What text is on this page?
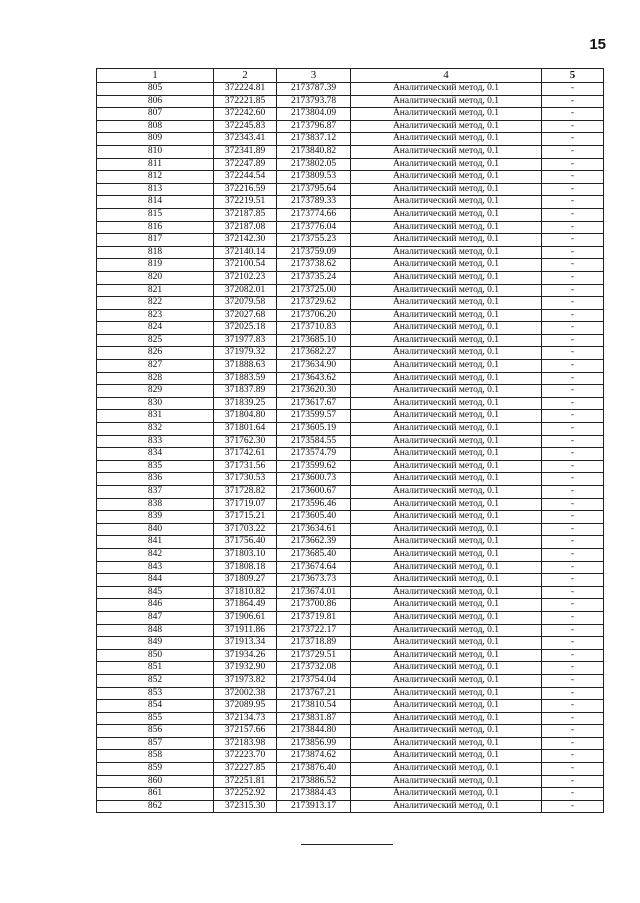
15
1	2	3	4	5
805	372224.81	2173787.39	Аналитический метод, 0.1	-
806	372221.85	2173793.78	Аналитический метод, 0.1	-
807	372242.60	2173804.09	Аналитический метод, 0.1	-
808	372245.83	2173796.87	Аналитический метод, 0.1	-
809	372343.41	2173837.12	Аналитический метод, 0.1	-
810	372341.89	2173840.82	Аналитический метод, 0.1	-
811	372247.89	2173802.05	Аналитический метод, 0.1	-
812	372244.54	2173809.53	Аналитический метод, 0.1	-
813	372216.59	2173795.64	Аналитический метод, 0.1	-
814	372219.51	2173789.33	Аналитический метод, 0.1	-
815	372187.85	2173774.66	Аналитический метод, 0.1	-
816	372187.08	2173776.04	Аналитический метод, 0.1	-
817	372142.30	2173755.23	Аналитический метод, 0.1	-
818	372140.14	2173759.09	Аналитический метод, 0.1	-
819	372100.54	2173738.62	Аналитический метод, 0.1	-
820	372102.23	2173735.24	Аналитический метод, 0.1	-
821	372082.01	2173725.00	Аналитический метод, 0.1	-
822	372079.58	2173729.62	Аналитический метод, 0.1	-
823	372027.68	2173706.20	Аналитический метод, 0.1	-
824	372025.18	2173710.83	Аналитический метод, 0.1	-
825	371977.83	2173685.10	Аналитический метод, 0.1	-
826	371979.32	2173682.27	Аналитический метод, 0.1	-
827	371888.63	2173634.90	Аналитический метод, 0.1	-
828	371883.59	2173643.62	Аналитический метод, 0.1	-
829	371837.89	2173620.30	Аналитический метод, 0.1	-
830	371839.25	2173617.67	Аналитический метод, 0.1	-
831	371804.80	2173599.57	Аналитический метод, 0.1	-
832	371801.64	2173605.19	Аналитический метод, 0.1	-
833	371762.30	2173584.55	Аналитический метод, 0.1	-
834	371742.61	2173574.79	Аналитический метод, 0.1	-
835	371731.56	2173599.62	Аналитический метод, 0.1	-
836	371730.53	2173600.73	Аналитический метод, 0.1	-
837	371728.82	2173600.67	Аналитический метод, 0.1	-
838	371719.07	2173596.46	Аналитический метод, 0.1	-
839	371715.21	2173605.40	Аналитический метод, 0.1	-
840	371703.22	2173634.61	Аналитический метод, 0.1	-
841	371756.40	2173662.39	Аналитический метод, 0.1	-
842	371803.10	2173685.40	Аналитический метод, 0.1	-
843	371808.18	2173674.64	Аналитический метод, 0.1	-
844	371809.27	2173673.73	Аналитический метод, 0.1	-
845	371810.82	2173674.01	Аналитический метод, 0.1	-
846	371864.49	2173700.86	Аналитический метод, 0.1	-
847	371906.61	2173719.81	Аналитический метод, 0.1	-
848	371911.86	2173722.17	Аналитический метод, 0.1	-
849	371913.34	2173718.89	Аналитический метод, 0.1	-
850	371934.26	2173729.51	Аналитический метод, 0.1	-
851	371932.90	2173732.08	Аналитический метод, 0.1	-
852	371973.82	2173754.04	Аналитический метод, 0.1	-
853	372002.38	2173767.21	Аналитический метод, 0.1	-
854	372089.95	2173810.54	Аналитический метод, 0.1	-
855	372134.73	2173831.87	Аналитический метод, 0.1	-
856	372157.66	2173844.80	Аналитический метод, 0.1	-
857	372183.98	2173856.99	Аналитический метод, 0.1	-
858	372223.70	2173874.62	Аналитический метод, 0.1	-
859	372227.85	2173876.40	Аналитический метод, 0.1	-
860	372251.81	2173886.52	Аналитический метод, 0.1	-
861	372252.92	2173884.43	Аналитический метод, 0.1	-
862	372315.30	2173913.17	Аналитический метод, 0.1	-
